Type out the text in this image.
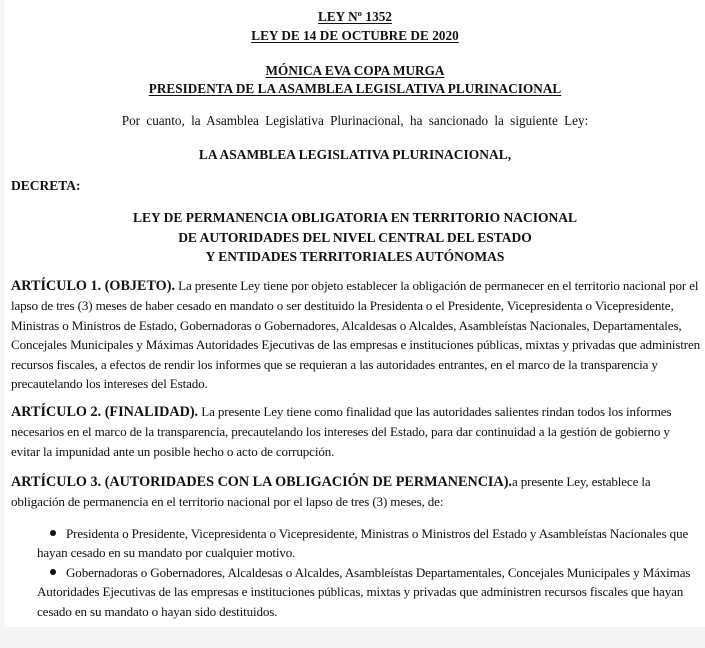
LEY Nº 1352
LEY DE 14 DE OCTUBRE DE 2020
MÓNICA EVA COPA MURGA
PRESIDENTA DE LA ASAMBLEA LEGISLATIVA PLURINACIONAL
Por cuanto, la Asamblea Legislativa Plurinacional, ha sancionado la siguiente Ley:
LA ASAMBLEA LEGISLATIVA PLURINACIONAL,
DECRETA:
LEY DE PERMANENCIA OBLIGATORIA EN TERRITORIO NACIONAL
DE AUTORIDADES DEL NIVEL CENTRAL DEL ESTADO
Y ENTIDADES TERRITORIALES AUTÓNOMAS
ARTÍCULO 1. (OBJETO). La presente Ley tiene por objeto establecer la obligación de permanecer en el territorio nacional por el lapso de tres (3) meses de haber cesado en mandato o ser destituido la Presidenta o el Presidente, Vicepresidenta o Vicepresidente, Ministras o Ministros de Estado, Gobernadoras o Gobernadores, Alcaldesas o Alcaldes, Asambleístas Nacionales, Departamentales, Concejales Municipales y Máximas Autoridades Ejecutivas de las empresas e instituciones públicas, mixtas y privadas que administren recursos fiscales, a efectos de rendir los informes que se requieran a las autoridades entrantes, en el marco de la transparencia y precautelando los intereses del Estado.
ARTÍCULO 2. (FINALIDAD). La presente Ley tiene como finalidad que las autoridades salientes rindan todos los informes necesarios en el marco de la transparencia, precautelando los intereses del Estado, para dar continuidad a la gestión de gobierno y evitar la impunidad ante un posible hecho o acto de corrupción.
ARTÍCULO 3. (AUTORIDADES CON LA OBLIGACIÓN DE PERMANENCIA).a presente Ley, establece la obligación de permanencia en el territorio nacional por el lapso de tres (3) meses, de:
Presidenta o Presidente, Vicepresidenta o Vicepresidente, Ministras o Ministros del Estado y Asambleístas Nacionales que hayan cesado en su mandato por cualquier motivo.
Gobernadoras o Gobernadores, Alcaldesas o Alcaldes, Asambleístas Departamentales, Concejales Municipales y Máximas Autoridades Ejecutivas de las empresas e instituciones públicas, mixtas y privadas que administren recursos fiscales que hayan cesado en su mandato o hayan sido destituidos.
